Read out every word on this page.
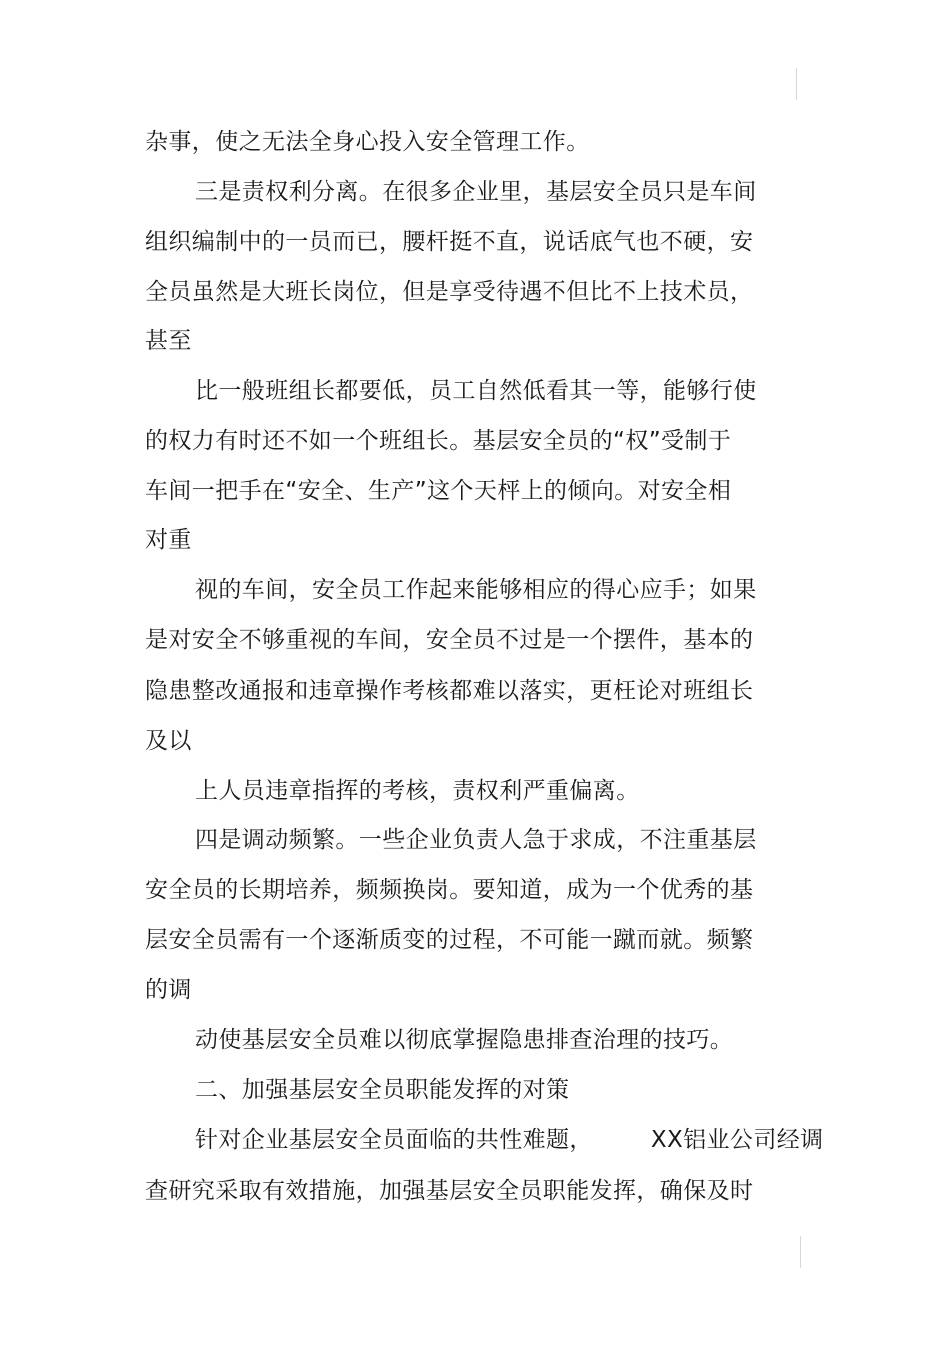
杂事，使之无法全身心投入安全管理工作。
三是责权利分离。在很多企业里，基层安全员只是车间
组织编制中的一员而已，腰杆挺不直，说话底气也不硬，安
全员虽然是大班长岗位，但是享受待遇不但比不上技术员，
甚至
比一般班组长都要低，员工自然低看其一等，能够行使
的权力有时还不如一个班组长。基层安全员的“权”受制于
车间一把手在“安全、生产”这个天枰上的倾向。对安全相
对重
视的车间，安全员工作起来能够相应的得心应手；如果
是对安全不够重视的车间，安全员不过是一个摆件，基本的
隐患整改通报和违章操作考核都难以落实，更枉论对班组长
及以
上人员违章指挥的考核，责权利严重偏离。
四是调动频繁。一些企业负责人急于求成，不注重基层
安全员的长期培养，频频换岗。要知道，成为一个优秀的基
层安全员需有一个逐渐质变的过程，不可能一蹴而就。频繁
的调
动使基层安全员难以彻底掌握隐患排查治理的技巧。
二、加强基层安全员职能发挥的对策
针对企业基层安全员面临的共性难题，	XX铝业公司经调
查研究采取有效措施，加强基层安全员职能发挥，确保及时
